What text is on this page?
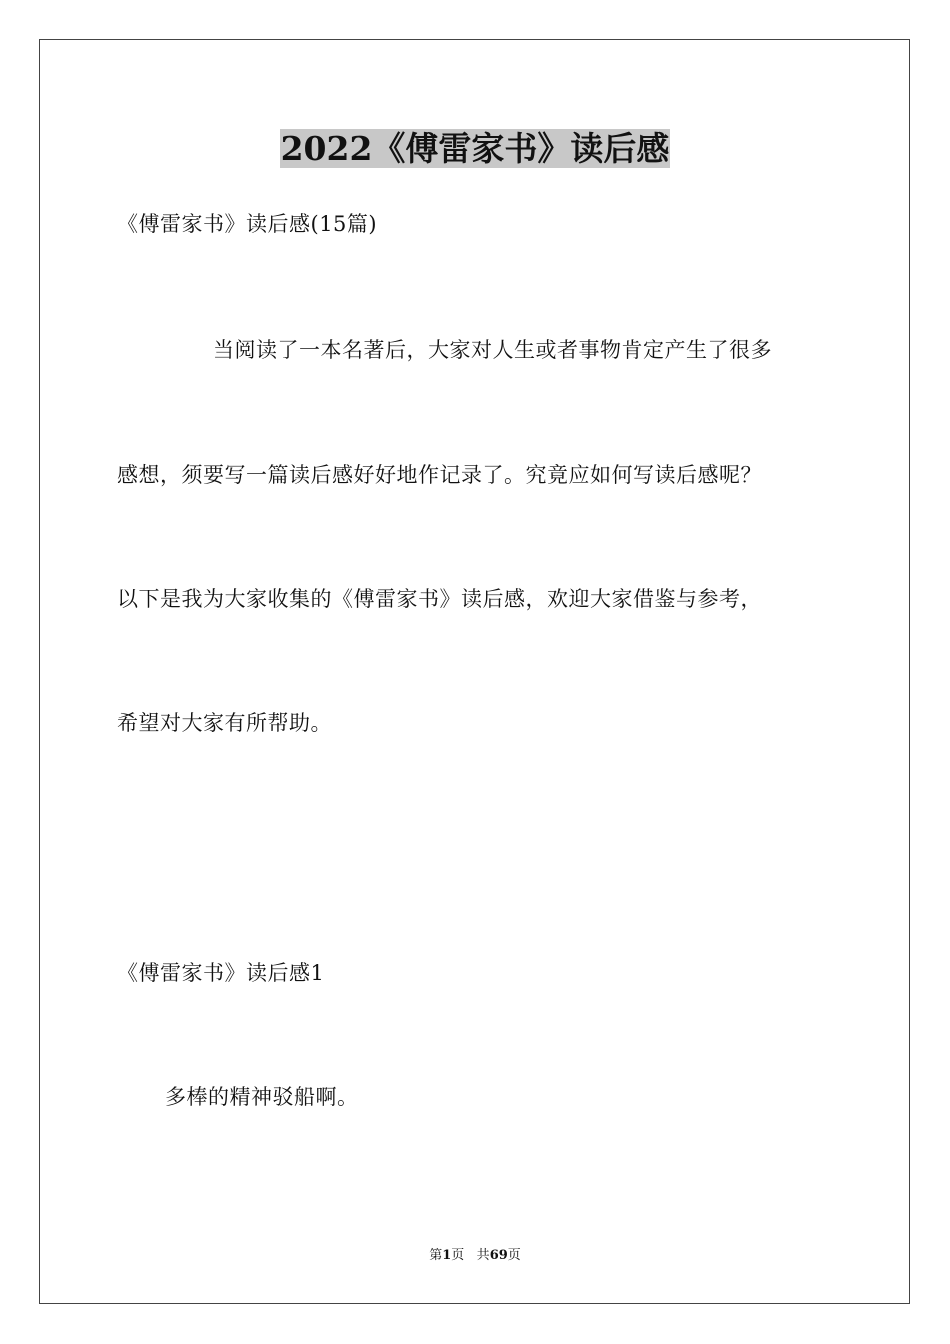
2022《傅雷家书》读后感

《傅雷家书》读后感(15篇)

当阅读了一本名著后，大家对人生或者事物肯定产生了很多

感想，须要写一篇读后感好好地作记录了。究竟应如何写读后感呢？

以下是我为大家收集的《傅雷家书》读后感，欢迎大家借鉴与参考，

希望对大家有所帮助。

《傅雷家书》读后感1

多棒的精神驳船啊。

第1页 共69页
